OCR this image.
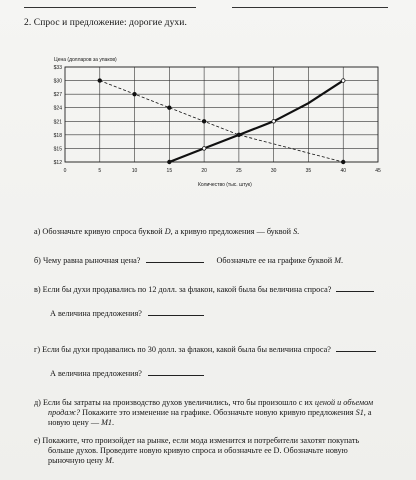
2. Спрос и предложение: дорогие духи.
Цена (долларов за упаков)
$33
$30
$27
$24
$21
$18
$15
$12
0	5	10	15	20	25	30	35	40	45
Количество (тыс. штук)
а) Обозначьте кривую спроса буквой D, а кривую предложения — буквой S.
б) Чему равна рыночная цена?	Обозначьте ее на графике буквой M.
в) Если бы духи продавались по 12 долл. за флакон, какой была бы величина спроса?
А величина предложения?
г) Если бы духи продавались по 30 долл. за флакон, какой была бы величина спроса?
А величина предложения?
д) Если бы затраты на производство духов увеличились, что бы произошло с их ценой и объемом
продаж? Покажите это изменение на графике. Обозначьте новую кривую предложения S1, а
новую цену — M1.
е) Покажите, что произойдет на рынке, если мода изменится и потребители захотят покупать
больше духов. Проведите новую кривую спроса и обозначьте ее D. Обозначьте новую
рыночную цену M.
